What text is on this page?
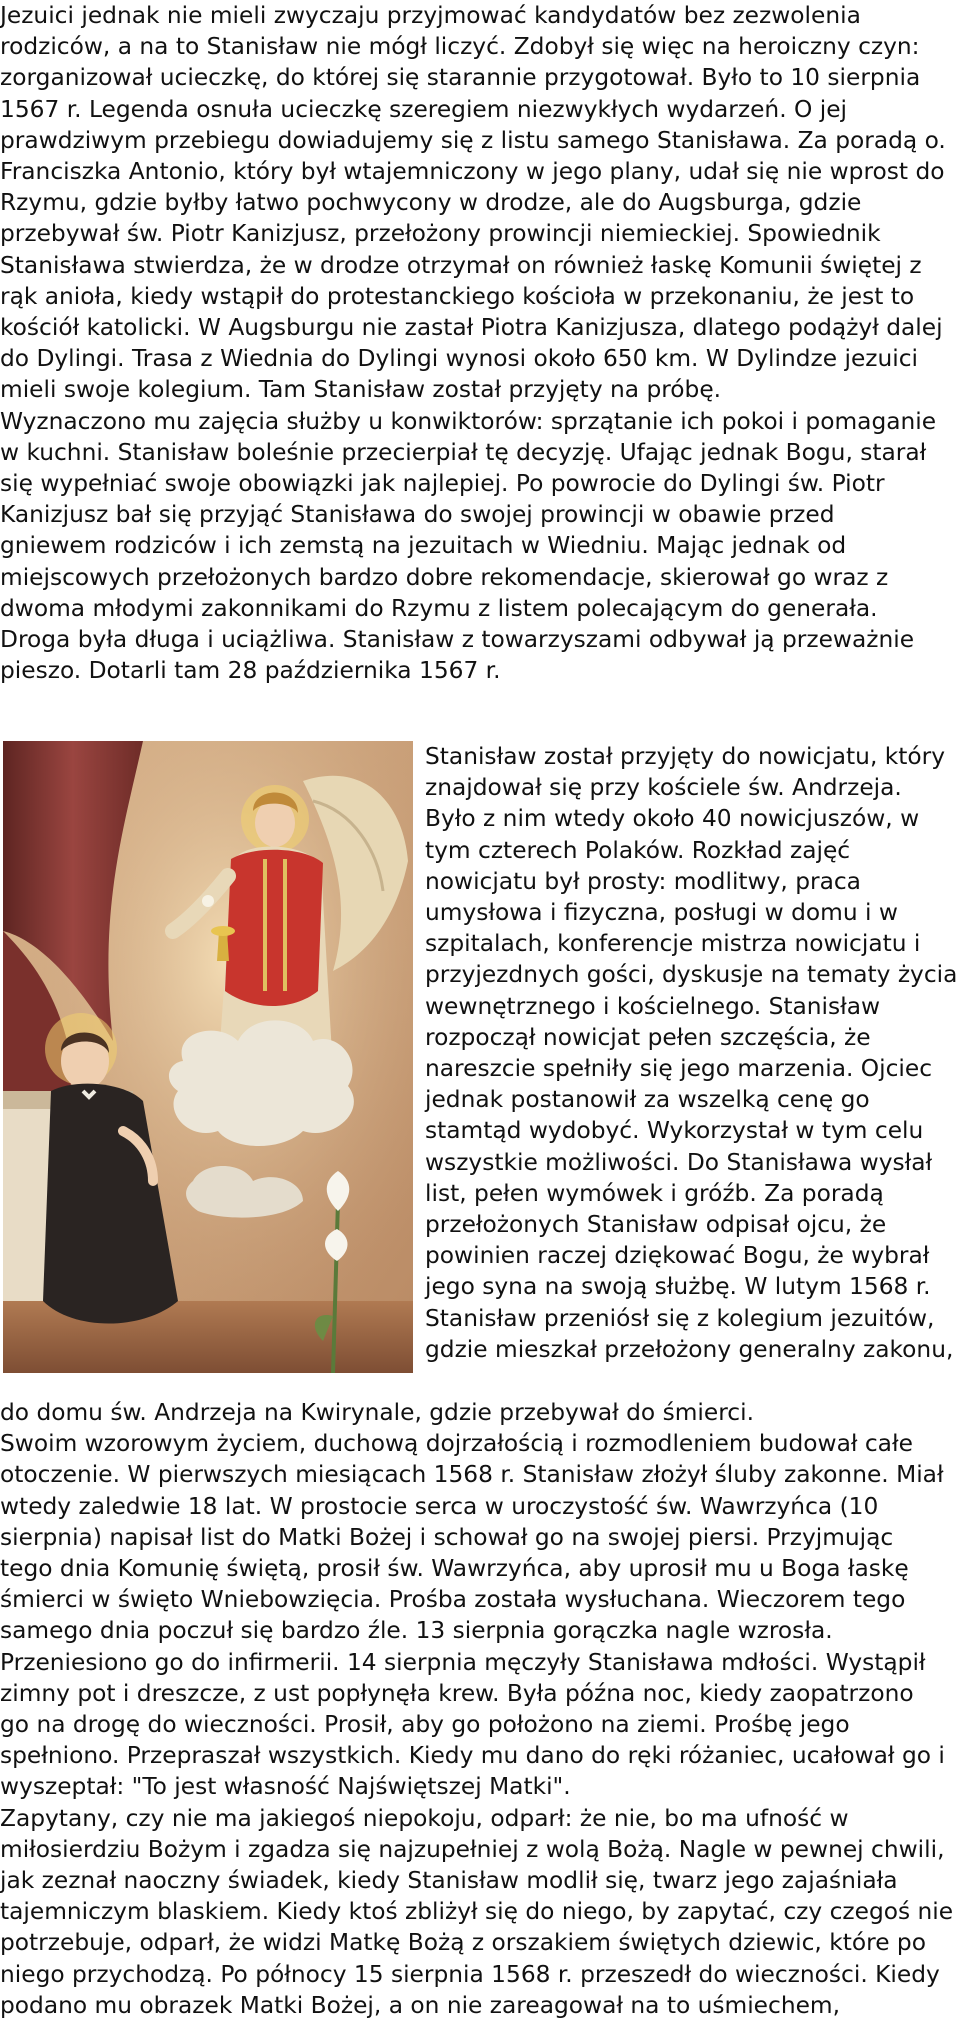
Jezuici jednak nie mieli zwyczaju przyjmować kandydatów bez zezwolenia

rodziców, a na to Stanisław nie mógł liczyć. Zdobył się więc na heroiczny czyn:

zorganizował ucieczkę, do której się starannie przygotował. Było to 10 sierpnia

1567 r. Legenda osnuła ucieczkę szeregiem niezwykłych wydarzeń. O jej

prawdziwym przebiegu dowiadujemy się z listu samego Stanisława. Za poradą o.

Franciszka Antonio, który był wtajemniczony w jego plany, udał się nie wprost do

Rzymu, gdzie byłby łatwo pochwycony w drodze, ale do Augsburga, gdzie

przebywał św. Piotr Kanizjusz, przełożony prowincji niemieckiej. Spowiednik

Stanisława stwierdza, że w drodze otrzymał on również łaskę Komunii świętej z

rąk anioła, kiedy wstąpił do protestanckiego kościoła w przekonaniu, że jest to

kościół katolicki. W Augsburgu nie zastał Piotra Kanizjusza, dlatego podążył dalej

do Dylingi. Trasa z Wiednia do Dylingi wynosi około 650 km. W Dylindze jezuici

mieli swoje kolegium. Tam Stanisław został przyjęty na próbę.

Wyznaczono mu zajęcia służby u konwiktorów: sprzątanie ich pokoi i pomaganie

w kuchni. Stanisław boleśnie przecierpiał tę decyzję. Ufając jednak Bogu, starał

się wypełniać swoje obowiązki jak najlepiej. Po powrocie do Dylingi św. Piotr

Kanizjusz bał się przyjąć Stanisława do swojej prowincji w obawie przed

gniewem rodziców i ich zemstą na jezuitach w Wiedniu. Mając jednak od

miejscowych przełożonych bardzo dobre rekomendacje, skierował go wraz z

dwoma młodymi zakonnikami do Rzymu z listem polecającym do generała.

Droga była długa i uciążliwa. Stanisław z towarzyszami odbywał ją przeważnie

pieszo. Dotarli tam 28 października 1567 r.

Stanisław został przyjęty do nowicjatu, który

znajdował się przy kościele św. Andrzeja.

Było z nim wtedy około 40 nowicjuszów, w

tym czterech Polaków. Rozkład zajęć

nowicjatu był prosty: modlitwy, praca

umysłowa i fizyczna, posługi w domu i w

szpitalach, konferencje mistrza nowicjatu i

przyjezdnych gości, dyskusje na tematy życia

wewnętrznego i kościelnego. Stanisław

rozpoczął nowicjat pełen szczęścia, że

nareszcie spełniły się jego marzenia. Ojciec

jednak postanowił za wszelką cenę go

stamtąd wydobyć. Wykorzystał w tym celu

wszystkie możliwości. Do Stanisława wysłał

list, pełen wymówek i gróźb. Za poradą

przełożonych Stanisław odpisał ojcu, że

powinien raczej dziękować Bogu, że wybrał

jego syna na swoją służbę. W lutym 1568 r.

Stanisław przeniósł się z kolegium jezuitów,

gdzie mieszkał przełożony generalny zakonu,

do domu św. Andrzeja na Kwirynale, gdzie przebywał do śmierci.

Swoim wzorowym życiem, duchową dojrzałością i rozmodleniem budował całe

otoczenie. W pierwszych miesiącach 1568 r. Stanisław złożył śluby zakonne. Miał

wtedy zaledwie 18 lat. W prostocie serca w uroczystość św. Wawrzyńca (10

sierpnia) napisał list do Matki Bożej i schował go na swojej piersi. Przyjmując

tego dnia Komunię świętą, prosił św. Wawrzyńca, aby uprosił mu u Boga łaskę

śmierci w święto Wniebowzięcia. Prośba została wysłuchana. Wieczorem tego

samego dnia poczuł się bardzo źle. 13 sierpnia gorączka nagle wzrosła.

Przeniesiono go do infirmerii. 14 sierpnia męczyły Stanisława mdłości. Wystąpił

zimny pot i dreszcze, z ust popłynęła krew. Była późna noc, kiedy zaopatrzono

go na drogę do wieczności. Prosił, aby go położono na ziemi. Prośbę jego

spełniono. Przepraszał wszystkich. Kiedy mu dano do ręki różaniec, ucałował go i

wyszeptał: "To jest własność Najświętszej Matki".

Zapytany, czy nie ma jakiegoś niepokoju, odparł: że nie, bo ma ufność w

miłosierdziu Bożym i zgadza się najzupełniej z wolą Bożą. Nagle w pewnej chwili,

jak zeznał naoczny świadek, kiedy Stanisław modlił się, twarz jego zajaśniała

tajemniczym blaskiem. Kiedy ktoś zbliżył się do niego, by zapytać, czy czegoś nie

potrzebuje, odparł, że widzi Matkę Bożą z orszakiem świętych dziewic, które po

niego przychodzą. Po północy 15 sierpnia 1568 r. przeszedł do wieczności. Kiedy

podano mu obrazek Matki Bożej, a on nie zareagował na to uśmiechem,
